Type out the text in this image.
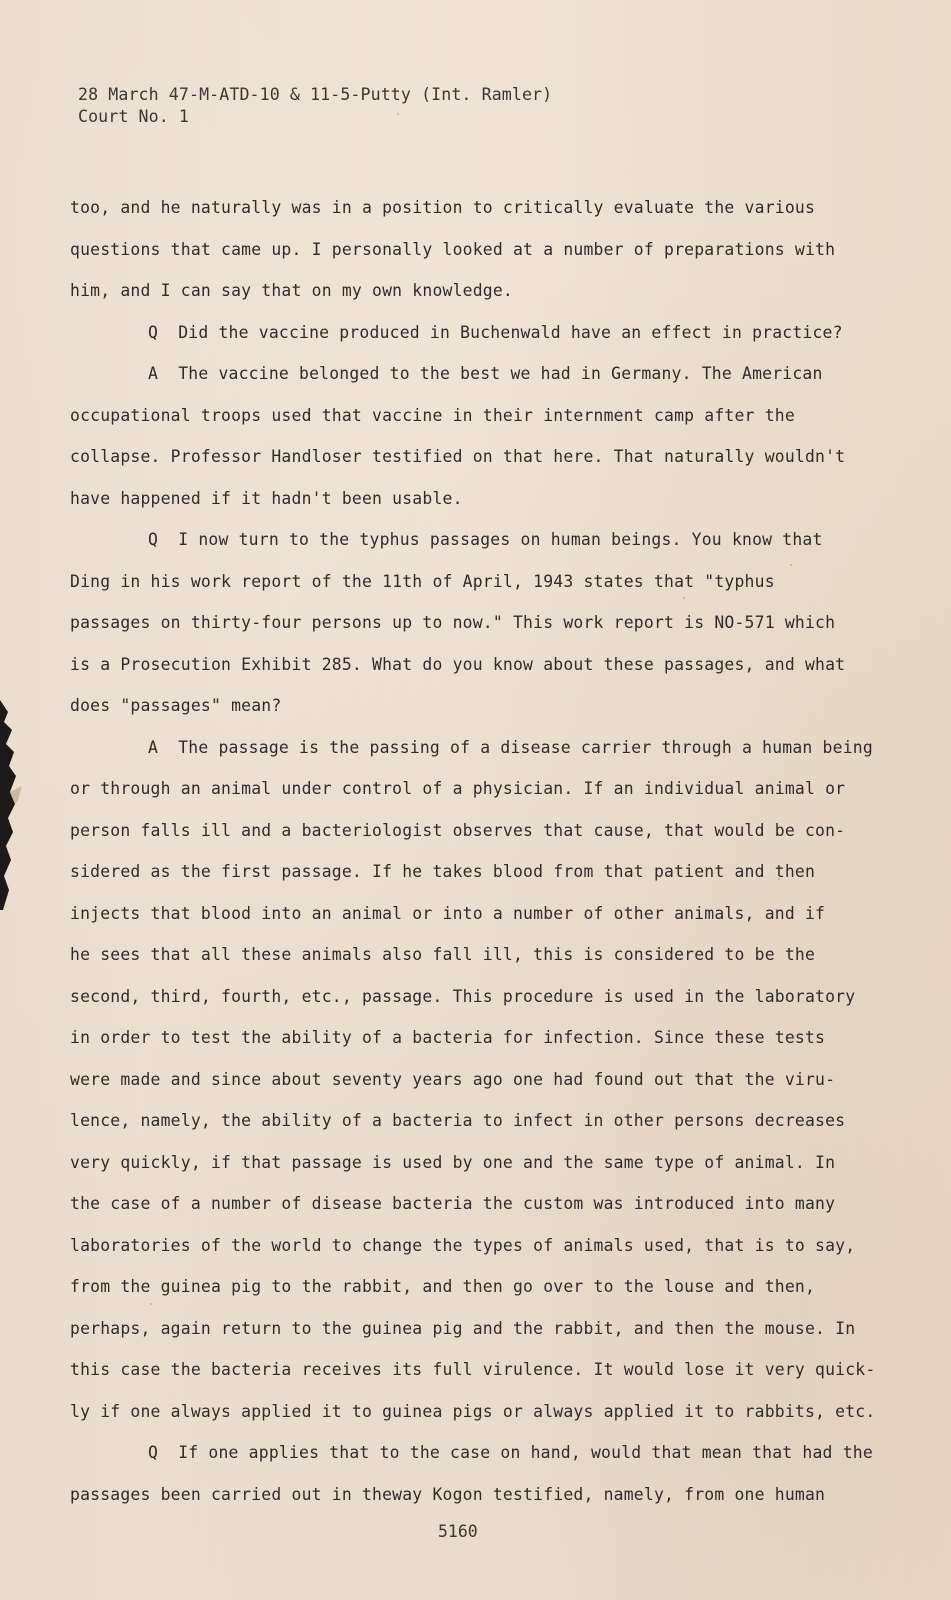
28 March 47-M-ATD-10 & 11-5-Putty (Int. Ramler)
Court No. 1
too, and he naturally was in a position to critically evaluate the various
questions that came up. I personally looked at a number of preparations with
him, and I can say that on my own knowledge.
Q  Did the vaccine produced in Buchenwald have an effect in practice?
A  The vaccine belonged to the best we had in Germany. The American
occupational troops used that vaccine in their internment camp after the
collapse. Professor Handloser testified on that here. That naturally wouldn't
have happened if it hadn't been usable.
Q  I now turn to the typhus passages on human beings. You know that
Ding in his work report of the 11th of April, 1943 states that "typhus
passages on thirty-four persons up to now." This work report is NO-571 which
is a Prosecution Exhibit 285. What do you know about these passages, and what
does "passages" mean?
A  The passage is the passing of a disease carrier through a human being
or through an animal under control of a physician. If an individual animal or
person falls ill and a bacteriologist observes that cause, that would be con-
sidered as the first passage. If he takes blood from that patient and then
injects that blood into an animal or into a number of other animals, and if
he sees that all these animals also fall ill, this is considered to be the
second, third, fourth, etc., passage. This procedure is used in the laboratory
in order to test the ability of a bacteria for infection. Since these tests
were made and since about seventy years ago one had found out that the viru-
lence, namely, the ability of a bacteria to infect in other persons decreases
very quickly, if that passage is used by one and the same type of animal. In
the case of a number of disease bacteria the custom was introduced into many
laboratories of the world to change the types of animals used, that is to say,
from the guinea pig to the rabbit, and then go over to the louse and then,
perhaps, again return to the guinea pig and the rabbit, and then the mouse. In
this case the bacteria receives its full virulence. It would lose it very quick-
ly if one always applied it to guinea pigs or always applied it to rabbits, etc.
Q  If one applies that to the case on hand, would that mean that had the
passages been carried out in theway Kogon testified, namely, from one human
5160
